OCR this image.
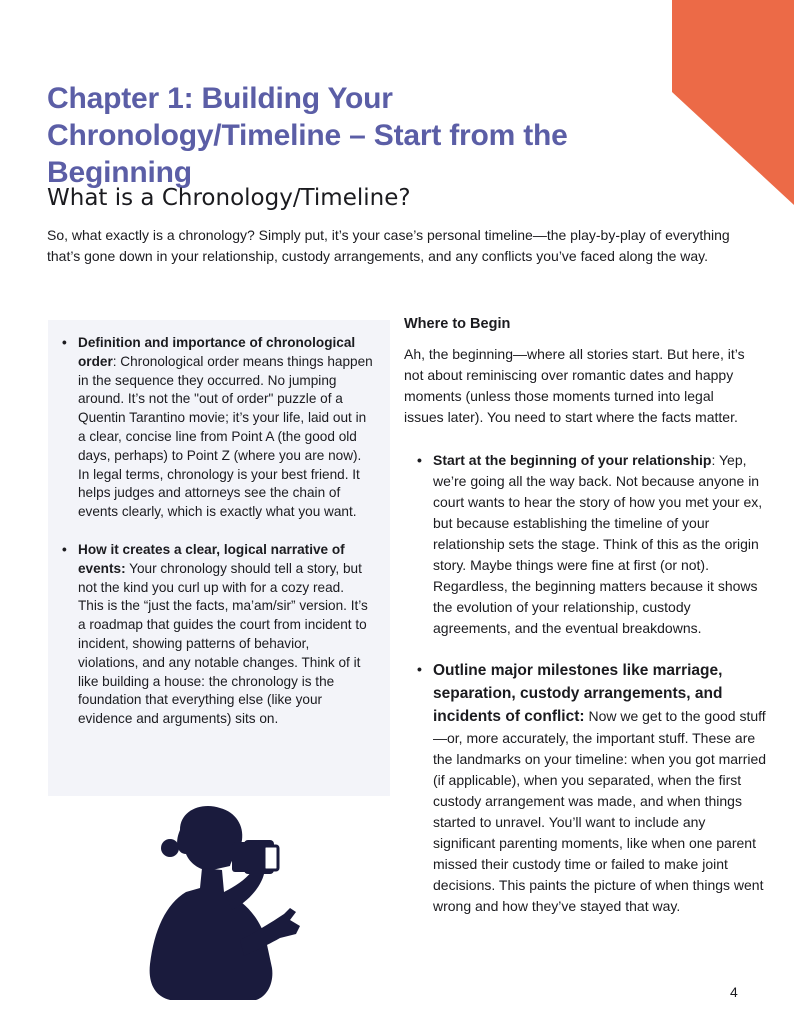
Chapter 1: Building Your Chronology/Timeline – Start from the Beginning
What is a Chronology/Timeline?

So, what exactly is a chronology? Simply put, it’s your case’s personal timeline—the play-by-play of everything that’s gone down in your relationship, custody arrangements, and any conflicts you’ve faced along the way.

• Definition and importance of chronological order: Chronological order means things happen in the sequence they occurred. No jumping around. It’s not the "out of order" puzzle of a Quentin Tarantino movie; it’s your life, laid out in a clear, concise line from Point A (the good old days, perhaps) to Point Z (where you are now). In legal terms, chronology is your best friend. It helps judges and attorneys see the chain of events clearly, which is exactly what you want.
• How it creates a clear, logical narrative of events: Your chronology should tell a story, but not the kind you curl up with for a cozy read. This is the “just the facts, ma’am/sir” version. It’s a roadmap that guides the court from incident to incident, showing patterns of behavior, violations, and any notable changes. Think of it like building a house: the chronology is the foundation that everything else (like your evidence and arguments) sits on.
Where to Begin

Ah, the beginning—where all stories start. But here, it’s not about reminiscing over romantic dates and happy moments (unless those moments turned into legal issues later). You need to start where the facts matter.

• Start at the beginning of your relationship: Yep, we’re going all the way back. Not because anyone in court wants to hear the story of how you met your ex, but because establishing the timeline of your relationship sets the stage. Think of this as the origin story. Maybe things were fine at first (or not). Regardless, the beginning matters because it shows the evolution of your relationship, custody agreements, and the eventual breakdowns.
• Outline major milestones like marriage, separation, custody arrangements, and incidents of conflict: Now we get to the good stuff—or, more accurately, the important stuff. These are the landmarks on your timeline: when you got married (if applicable), when you separated, when the first custody arrangement was made, and when things started to unravel. You’ll want to include any significant parenting moments, like when one parent missed their custody time or failed to make joint decisions. This paints the picture of when things went wrong and how they’ve stayed that way.
4
